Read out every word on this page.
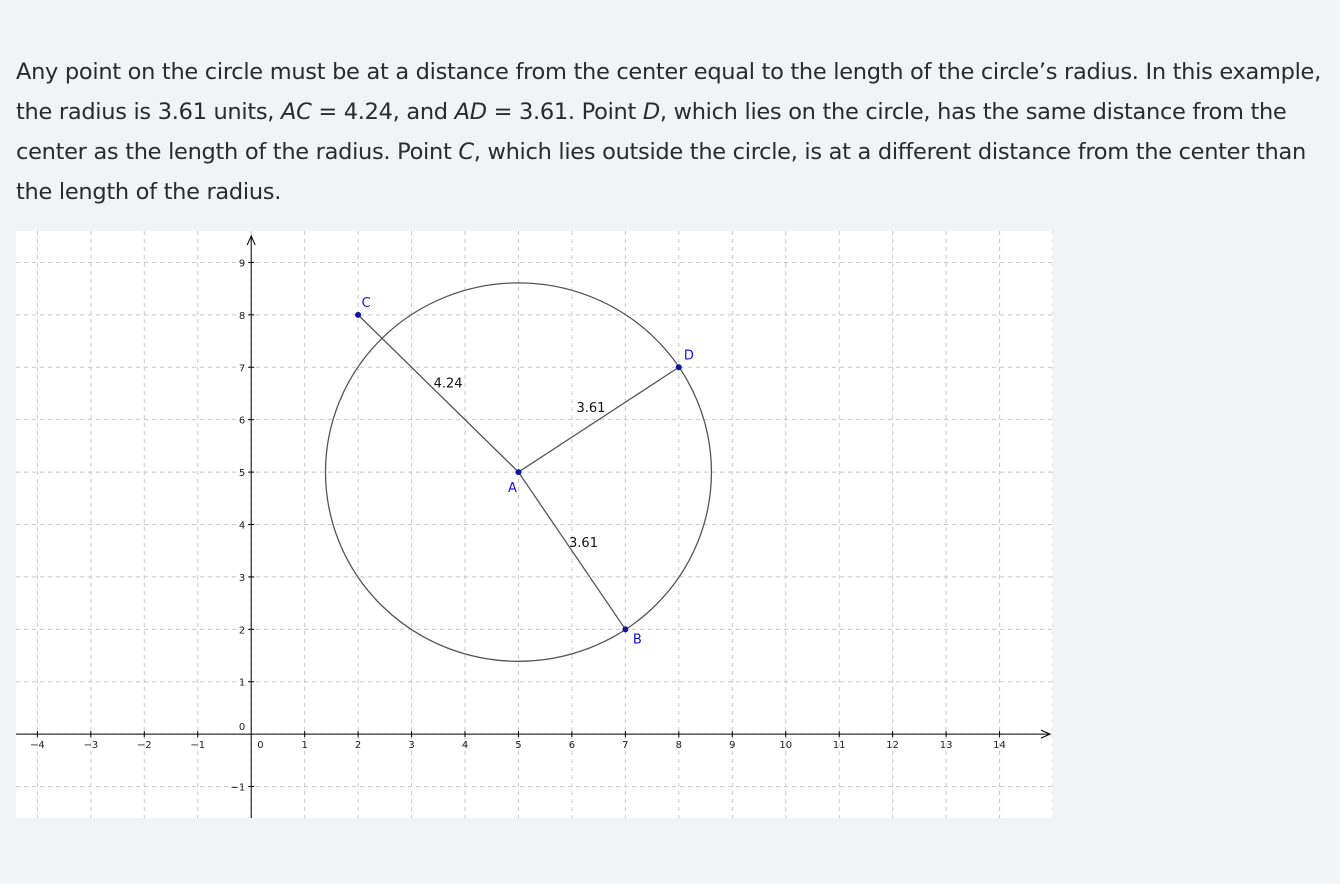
Any point on the circle must be at a distance from the center equal to the length of the circle’s radius. In this example, the radius is 3.61 units, AC = 4.24, and AD = 3.61. Point D, which lies on the circle, has the same distance from the center as the length of the radius. Point C, which lies outside the circle, is at a different distance from the center than the length of the radius.

−4	−3	−2	−1	0	1	2	3	4	5	6	7	8	9	10	11	12	13	14
−1
0
1
2
3
4
5
6
7
8
9
4.24
3.61
3.61
A
B
C
D
